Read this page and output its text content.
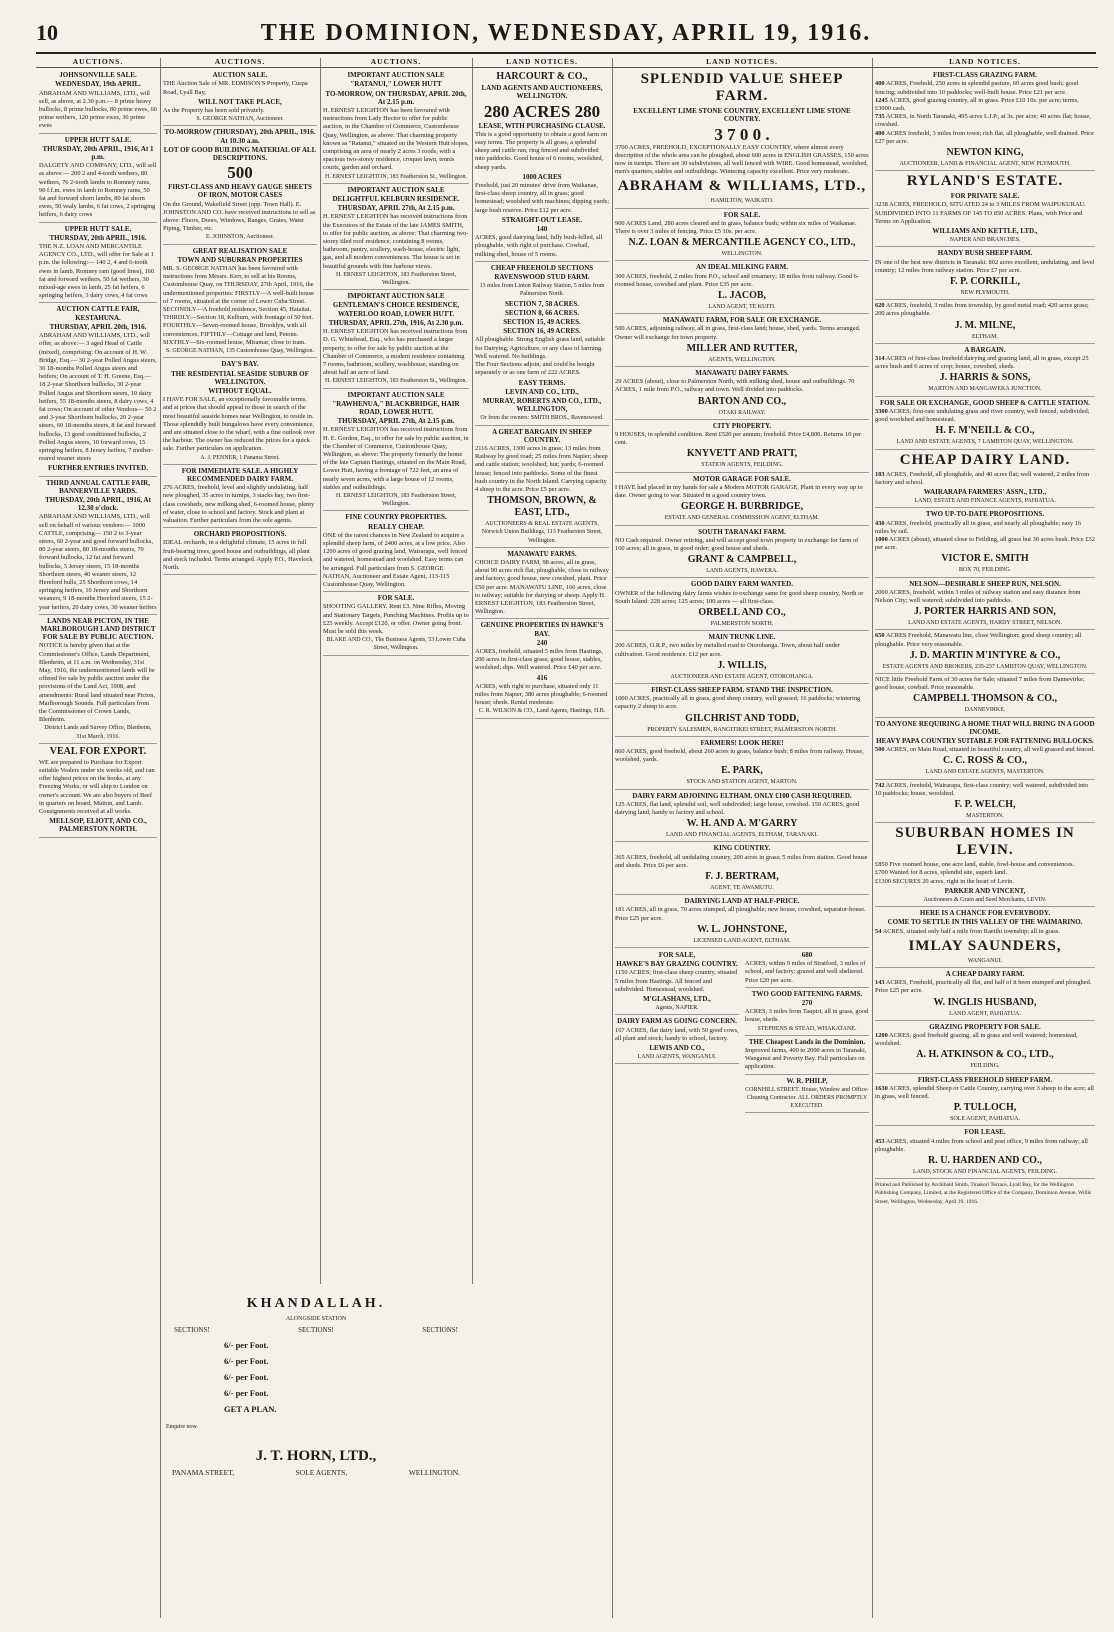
10	THE DOMINION, WEDNESDAY, APRIL 19, 1916.
AUCTIONS.
JOHNSONVILLE SALE.
WEDNESDAY, 19th APRIL.

ABRAHAM AND WILLIAMS, LTD., will sell, as above, at 2.30 p.m.— 8 prime heavy bullocks, 8 prime bullocks, 80 prime ewes, 60 prime wethers, 120 prime ewes, 30 prime ewes

UPPER HUTT SALE.
THURSDAY, 20th APRIL, 1916, At 1 p.m.

DALGETY AND COMPANY, LTD., will sell as above:— 200 2 and 4-tooth wethers, 80 wethers, 76 2-tooth lambs to Romney rams, 90 f.f.m. ewes in lamb to Romney rams, 50 fat and forward shorn lambs, 80 fat shorn ewes, 50 vealy lambs, 6 fat cows, 2 springing heifers, 6 dairy cows

UPPER HUTT SALE.
THURSDAY, 20th APRIL, 1916.

THE N.Z. LOAN AND MERCANTILE AGENCY CO., LTD., will offer for Sale at 1 p.m. the following:— 140 2, 4 and 6-tooth ewes in lamb, Romney ram (good lines), 160 fat and forward wethers, 50 fat wethers, 30 mixed-age ewes in lamb, 25 fat heifers, 6 springing heifers, 3 dairy cows, 4 fat cows

AUCTION CATTLE FAIR, KESTAHUNA.
THURSDAY, APRIL 20th, 1916.

ABRAHAM AND WILLIAMS, LTD., will offer, as above:— 3 aged Head of Cattle (mixed), comprising: On account of H. W. Bridge, Esq.— 30 2-year Polled Angus steers, 36 18-months Polled Angus steers and heifers; On account of T. H. Greene, Esq.— 18 2-year Shorthorn bullocks, 30 2-year Polled Angus and Shorthorn steers, 10 dairy heifers, 55 18-months steers, 8 dairy cows, 4 fat cows; On account of other Vendors— 50 2 and 3-year Shorthorn bullocks, 20 2-year steers, 60 18-months steers, 8 fat and forward bullocks, 13 good conditioned bullocks, 2 Polled Angus steers, 10 forward cows, 15 springing heifers, 8 Jersey heifers, 7 mother-reared weaner steers

FURTHER ENTRIES INVITED.
THIRD ANNUAL CATTLE FAIR, BANNERVILLE YARDS.
THURSDAY, 20th APRIL, 1916, At 12.30 o'clock.

ABRAHAM AND WILLIAMS, LTD., will sell on behalf of various vendors:— 1000 CATTLE, comprising— 150 2 to 3-year steers, 60 2-year and good forward bullocks, 80 2-year steers, 80 18-months steers, 70 forward bullocks, 12 fat and forward bullocks, 5 Jersey steers, 15 18-months Shorthorn steers, 40 weaner steers, 12 Hereford bulls, 25 Shorthorn cows, 14 springing heifers, 10 Jersey and Shorthorn weaners, 9 18-months Hereford steers, 15 2-year heifers, 20 dairy cows, 30 weaner heifers

LANDS NEAR PICTON, IN THE MARLBOROUGH LAND DISTRICT FOR SALE BY PUBLIC AUCTION.

NOTICE is hereby given that at the Commissioner's Office, Lands Department, Blenheim, at 11 a.m. on Wednesday, 31st May, 1916, the undermentioned lands will be offered for sale by public auction under the provisions of the Land Act, 1908, and amendments: Rural land situated near Picton, Marlborough Sounds. Full particulars from the Commissioner of Crown Lands, Blenheim.

District Lands and Survey Office, Blenheim, 31st March, 1916.

VEAL FOR EXPORT.

WE are prepared to Purchase for Export suitable Vealers under six weeks old, and can offer highest prices on the hooks, at any Freezing Works, or will ship to London on owner's account. We are also buyers of Beef in quarters on board, Mutton, and Lamb. Consignments received at all works.

MELLSOP, ELIOTT, AND CO., PALMERSTON NORTH.
AUCTIONS.
AUCTION SALE.

THE Auction Sale of MR. EDMISON'S Property, Cuspa Road, Lyall Bay,

WILL NOT TAKE PLACE,

As the Property has been sold privately.

S. GEORGE NATHAN, Auctioneer.

TO-MORROW (THURSDAY), 20th APRIL, 1916. At 10.30 a.m.
LOT OF GOOD BUILDING MATERIAL OF ALL DESCRIPTIONS.
500
FIRST-CLASS AND HEAVY GAUGE SHEETS OF IRON, MOTOR CASES

On the Ground, Wakefield Street (opp. Town Hall). E. JOHNSTON AND CO. have received instructions to sell as above: Floors, Doors, Windows, Ranges, Grates, Water Piping, Timber, etc.

E. JOHNSTON, Auctioneer.

GREAT REALISATION SALE
TOWN AND SUBURBAN PROPERTIES

MR. S. GEORGE NATHAN has been favoured with instructions from Messrs. Kerr, to sell at his Rooms, Customhouse Quay, on THURSDAY, 27th April, 1916, the undermentioned properties: FIRSTLY—A well-built house of 7 rooms, situated at the corner of Lower Cuba Street. SECONDLY—A freehold residence, Section 45, Hataitai. THIRDLY—Section 18, Kelburn, with frontage of 50 feet. FOURTHLY—Seven-roomed house, Brooklyn, with all conveniences. FIFTHLY—Cottage and land, Petone. SIXTHLY—Six-roomed house, Miramar, close to tram.

S. GEORGE NATHAN, 135 Customhouse Quay, Wellington.

DAY'S BAY.
THE RESIDENTIAL SEASIDE SUBURB OF WELLINGTON.
WITHOUT EQUAL.

I HAVE FOR SALE, an exceptionally favourable terms, and at prices that should appeal to those in search of the most beautiful seaside homes near Wellington, to reside in. Those splendidly built bungalows have every convenience, and are situated close to the wharf, with a fine outlook over the harbour. The owner has reduced the prices for a quick sale. Further particulars on application.

A. J. PENNER, 1 Panama Street.

FOR IMMEDIATE SALE. A HIGHLY RECOMMENDED DAIRY FARM.

276 ACRES, freehold, level and slightly undulating, half new ploughed, 35 acres in turnips, 3 stacks hay, two first-class cowsheds, new milking shed, 6-roomed house, plenty of water, close to school and factory. Stock and plant at valuation. Further particulars from the sole agents.

ORCHARD PROPOSITIONS.

IDEAL orchards, in a delightful climate, 15 acres in full fruit-bearing trees, good house and outbuildings, all plant and stock included. Terms arranged. Apply P.O., Havelock North.

AUCTIONS.
IMPORTANT AUCTION SALE
"RATANUI," LOWER HUTT
TO-MORROW, ON THURSDAY, APRIL 20th, At 2.15 p.m.

H. ERNEST LEIGHTON has been favoured with instructions from Lady Hector to offer for public auction, in the Chamber of Commerce, Customhouse Quay, Wellington, as above: That charming property known as "Ratanui," situated on the Western Hutt slopes, comprising an area of nearly 2 acres 3 roods, with a spacious two-storey residence, croquet lawn, tennis courts, garden and orchard.

H. ERNEST LEIGHTON, 183 Featherston St., Wellington.

IMPORTANT AUCTION SALE
DELIGHTFUL KELBURN RESIDENCE.
THURSDAY, APRIL 27th, At 2.15 p.m.

H. ERNEST LEIGHTON has received instructions from the Executors of the Estate of the late JAMES SMITH, to offer for public auction, as above: That charming two-storey tiled roof residence, containing 8 rooms, bathroom, pantry, scullery, wash-house, electric light, gas, and all modern conveniences. The house is set in beautiful grounds with fine harbour views.

H. ERNEST LEIGHTON, 183 Featherston Street, Wellington.

IMPORTANT AUCTION SALE
GENTLEMAN'S CHOICE RESIDENCE, WATERLOO ROAD, LOWER HUTT.
THURSDAY, APRIL 27th, 1916, At 2.30 p.m.

H. ERNEST LEIGHTON has received instructions from D. G. Whitehead, Esq., who has purchased a larger property, to offer for sale by public auction at the Chamber of Commerce, a modern residence containing 7 rooms, bathroom, scullery, washhouse, standing on about half an acre of land.

H. ERNEST LEIGHTON, 183 Featherston St., Wellington.

IMPORTANT AUCTION SALE
"RAWHENUA," BLACKBRIDGE, HAIR ROAD, LOWER HUTT.
THURSDAY, APRIL 27th, At 2.15 p.m.

H. ERNEST LEIGHTON has received instructions from H. E. Gordon, Esq., to offer for sale by public auction, in the Chamber of Commerce, Customhouse Quay, Wellington, as above: The property formerly the home of the late Captain Hastings, situated on the Main Road, Lower Hutt, having a frontage of 722 feet, an area of nearly seven acres, with a large house of 12 rooms, stables and outbuildings.

H. ERNEST LEIGHTON, 183 Featherston Street, Wellington.

FINE COUNTRY PROPERTIES.
REALLY CHEAP.

ONE of the rarest chances in New Zealand to acquire a splendid sheep farm, of 2400 acres, at a low price. Also 1200 acres of good grazing land, Wairarapa, well fenced and watered, homestead and woolshed. Easy terms can be arranged. Full particulars from S. GEORGE NATHAN, Auctioneer and Estate Agent, 113-115 Customhouse Quay, Wellington.

FOR SALE.

SHOOTING GALLERY. Rent £3. Nine Rifles, Moving and Stationary Targets, Punching Machines. Profits up to £25 weekly. Accept £120, or offer. Owner going front. Must be sold this week.

BLAKE AND CO., The Business Agents, 53 Lower Cuba Street, Wellington.

KHANDALLAH.
ALONGSIDE STATION
SECTIONS!	SECTIONS!	SECTIONS!
6/- per Foot.
6/- per Foot.
6/- per Foot.
6/- per Foot.
GET A PLAN.
Enquire now.
J. T. HORN, LTD.,
PANAMA STREET,	SOLE AGENTS,	WELLINGTON.
LAND NOTICES.
HARCOURT & CO.,
LAND AGENTS AND AUCTIONEERS, WELLINGTON.
280 ACRES 280
LEASE, WITH PURCHASING CLAUSE.

This is a good opportunity to obtain a good farm on easy terms. The property is all grass, a splendid sheep and cattle run, ring fenced and subdivided into paddocks. Good house of 6 rooms, woolshed, sheep yards.

1000 ACRES

Freehold, just 20 minutes' drive from Waikanae, first-class sheep country, all in grass; good homestead; woolshed with machines; dipping yards; large bush reserve. Price £12 per acre.

STRAIGHT-OUT LEASE.
140

ACRES, good dairying land, fully bush-felled, all ploughable, with right of purchase. Cowbail, milking shed, house of 5 rooms.

CHEAP FREEHOLD SECTIONS
RAVENSWOOD STUD FARM.

13 miles from Linton Railway Station, 5 miles from Palmerston North.

SECTION 7, 58 ACRES.
SECTION 8, 66 ACRES.
SECTION 15, 49 ACRES.
SECTION 16, 49 ACRES.

All ploughable. Strong English grass land, suitable for Dairying, Agriculture, or any class of farming. Well watered. No buildings.

The Four Sections adjoin, and could be bought separately or as one farm of 222 ACRES.

EASY TERMS.
LEVIN AND CO., LTD.,
MURRAY, ROBERTS AND CO., LTD., WELLINGTON,

Or from the owners: SMITH BROS., Ravenswood.

A GREAT BARGAIN IN SHEEP COUNTRY.

2116 ACRES, 1300 acres in grass; 13 miles from Railway by good road; 25 miles from Napier; sheep and cattle station; woolshed; hut; yards; 6-roomed house; fenced into paddocks. Some of the finest bush country in the North Island. Carrying capacity 4 sheep to the acre. Price £5 per acre.

THOMSON, BROWN, & EAST, LTD.,

AUCTIONEERS & REAL ESTATE AGENTS, Norwich Union Buildings, 113 Featherston Street, Wellington.

MANAWATU FARMS.

CHOICE DAIRY FARM, 98 acres, all in grass, about 90 acres rich flat, ploughable, close to railway and factory; good house, new cowshed, plant. Price £50 per acre. MANAWATU LINE, 160 acres, close to railway; suitable for dairying or sheep. Apply H. ERNEST LEIGHTON, 183 Featherston Street, Wellington.

GENUINE PROPERTIES IN HAWKE'S BAY.
240

ACRES, freehold, situated 5 miles from Hastings, 200 acres in first-class grass; good house, stables, woolshed; dips. Well watered. Price £40 per acre.

416

ACRES, with right to purchase, situated only 11 miles from Napier, 380 acres ploughable; 6-roomed house; sheds. Rental moderate.

C. R. WILSON & CO., Land Agents, Hastings, H.B.

LAND NOTICES.
SPLENDID VALUE SHEEP FARM.
EXCELLENT LIME STONE COUNTRY, EXCELLENT LIME STONE COUNTRY.
3 7 0 0 .

3700 ACRES, FREEHOLD, EXCEPTIONALLY EASY COUNTRY, where almost every description of the whole area can be ploughed, about 600 acres in ENGLISH GRASSES, 150 acres now in turnips. There are 30 subdivisions, all well fenced with WIRE. Good homestead, woolshed, men's quarters, stables and outbuildings. Wintering capacity excellent. Price very moderate.

ABRAHAM & WILLIAMS, LTD.,
HAMILTON, WAIKATO.
FOR SALE.

900 ACRES Land, 280 acres cleared and in grass, balance bush; within six miles of Waikanae. There is over 3 miles of fencing. Price £5 10s. per acre.

N.Z. LOAN & MERCANTILE AGENCY CO., LTD.,
WELLINGTON.
AN IDEAL MILKING FARM.

300 ACRES, freehold, 2 miles from P.O., school and creamery; 18 miles from railway. Good 6-roomed house, cowshed and plant. Price £35 per acre.

L. JACOB,
LAND AGENT, TE KUITI.
MANAWATU FARM, FOR SALE OR EXCHANGE.

500 ACRES, adjoining railway, all in grass, first-class land; house, shed, yards. Terms arranged. Owner will exchange for town property.

MILLER AND RUTTER,
AGENTS, WELLINGTON.
MANAWATU DAIRY FARMS.

29 ACRES (about), close to Palmerston North, with milking shed, house and outbuildings. 70 ACRES, 1 mile from P.O., railway and town. Well divided into paddocks.

BARTON AND CO.,
OTAKI RAILWAY.
CITY PROPERTY.

9 HOUSES, in splendid condition. Rent £520 per annum; freehold. Price £4,800. Returns 10 per cent.

KNYVETT AND PRATT,
STATION AGENTS, FEILDING.
MOTOR GARAGE FOR SALE.

I HAVE had placed in my hands for sale a Modern MOTOR GARAGE, Plant in every way up to date. Owner going to war. Situated in a good country town.

GEORGE H. BURBRIDGE,
ESTATE AND GENERAL COMMISSION AGENT, ELTHAM.
SOUTH TARANAKI FARM.

NO Cash required. Owner retiring, and will accept good town property in exchange for farm of 160 acres; all in grass, in good order; good house and sheds.

GRANT & CAMPBELL,
LAND AGENTS, HAWERA.
GOOD DAIRY FARM WANTED.

OWNER of the following dairy farms wishes to exchange same for good sheep country, North or South Island: 228 acres; 125 acres; 100 acres — all first-class.

ORBELL AND CO.,
PALMERSTON NORTH.
MAIN TRUNK LINE.

200 ACRES, O.R.P., two miles by metalled road to Otorohanga. Town, about half under cultivation. Good residence. £12 per acre.

J. WILLIS,
AUCTIONEER AND ESTATE AGENT, OTOROHANGA.
FIRST-CLASS SHEEP FARM. STAND THE INSPECTION.

1000 ACRES, practically all in grass, good sheep country, well grassed; 16 paddocks; wintering capacity 2 sheep to acre.

GILCHRIST AND TODD,
PROPERTY SALESMEN, RANGITIKEI STREET, PALMERSTON NORTH.
FARMERS! LOOK HERE!

860 ACRES, good freehold, about 260 acres in grass, balance bush; 8 miles from railway. House, woolshed, yards.

E. PARK,
STOCK AND STATION AGENT, MARTON.
DAIRY FARM ADJOINING ELTHAM. ONLY £100 CASH REQUIRED.

125 ACRES, flat land, splendid soil, well subdivided; large house, cowshed. 150 ACRES, good dairying land, handy to factory and school.

W. H. AND A. M'GARRY
LAND AND FINANCIAL AGENTS, ELTHAM, TARANAKI.
KING COUNTRY.

365 ACRES, freehold, all undulating country, 200 acres in grass; 5 miles from station. Good house and sheds. Price £6 per acre.

F. J. BERTRAM,
AGENT, TE AWAMUTU.
DAIRYING LAND AT HALF-PRICE.

181 ACRES, all in grass, 70 acres stumped, all ploughable; new house, cowshed, separator-house. Price £25 per acre.

W. L. JOHNSTONE,
LICENSED LAND AGENT, ELTHAM.
FOR SALE,
HAWKE'S BAY GRAZING COUNTRY.

1150 ACRES, first-class sheep country, situated 5 miles from Hastings. All fenced and subdivided. Homestead, woolshed.

M'GLASHANS, LTD.,
Agents, NAPIER.
DAIRY FARM AS GOING CONCERN.

167 ACRES, flat dairy land, with 50 good cows, all plant and stock; handy to school, factory.

LEWIS AND CO.,
LAND AGENTS, WANGANUI.
680

ACRES, within 9 miles of Stratford, 3 miles of school, and factory; grazed and well sheltered. Price £20 per acre.

TWO GOOD FATTENING FARMS.
270

ACRES, 3 miles from Taupiri, all in grass, good house, sheds.

STEPHENS & STEAD, WHAKATANE.
THE Cheapest Lands in the Dominion.

Improved farms, 400 to 2000 acres in Taranaki, Wanganui and Poverty Bay. Full particulars on application.

W. R. PHILP,

CORNHILL STREET. House, Window and Office-Cleaning Contractor. ALL ORDERS PROMPTLY EXECUTED.

LAND NOTICES.
FIRST-CLASS GRAZING FARM.

400 ACRES, Freehold, 250 acres in splendid pasture, 60 acres good bush; good fencing; subdivided into 10 paddocks; well-built house. Price £21 per acre.

1245 ACRES, good grazing country, all in grass. Price £10 10s. per acre; terms, £3000 cash.

735 ACRES, in North Taranaki, 495 acres L.I.P., at 3s. per acre; 40 acres flat; house, cowshed.

400 ACRES freehold, 3 miles from town; rich flat, all ploughable, well drained. Price £27 per acre.

NEWTON KING,
AUCTIONEER, LAND & FINANCIAL AGENT, NEW PLYMOUTH.
RYLAND'S ESTATE.
FOR PRIVATE SALE.

3238 ACRES, FREEHOLD, SITUATED 24 to 3 MILES FROM WAIPUKURAU. SUBDIVIDED INTO 11 FARMS OF 145 TO 850 ACRES. Plans, with Price and Terms on Application.

WILLIAMS AND KETTLE, LTD.,
NAPIER AND BRANCHES.
HANDY BUSH SHEEP FARM.

IN one of the best new districts in Taranaki: 802 acres excellent, undulating, and level country; 12 miles from railway station. Price £7 per acre.

F. P. CORKILL,
NEW PLYMOUTH.

620 ACRES, freehold, 3 miles from township, by good metal road; 420 acres grass; 200 acres ploughable.

J. M. MILNE,
ELTHAM.
A BARGAIN.

314 ACRES of first-class freehold dairying and grazing land, all in grass, except 25 acres bush and 6 acres of crop; house, cowshed, sheds.

J. HARRIS & SONS,
MARTON AND MANGAWEKA JUNCTION.
FOR SALE OR EXCHANGE, GOOD SHEEP & CATTLE STATION.

3300 ACRES, first-rate undulating grass and river country, well fenced, subdivided; good woolshed and homestead.

H. F. M'NEILL & CO.,
LAND AND ESTATE AGENTS, 7 LAMBTON QUAY, WELLINGTON.
CHEAP DAIRY LAND.

103 ACRES, Freehold, all ploughable, and 40 acres flat; well watered, 2 miles from factory and school.

WAIRARAPA FARMERS' ASSN., LTD.,
LAND, ESTATE AND FINANCE AGENTS, PAHIATUA.
TWO UP-TO-DATE PROPOSITIONS.

430 ACRES, freehold, practically all in grass, and nearly all ploughable; easy 16 miles by rail.

1000 ACRES (about), situated close to Feilding, all grass but 30 acres bush. Price £32 per acre.

VICTOR E. SMITH
BOX 70, FEILDING.
NELSON—DESIRABLE SHEEP RUN, NELSON.

2000 ACRES, freehold, within 3 miles of railway station and easy distance from Nelson City; well watered; subdivided into paddocks.

J. PORTER HARRIS AND SON,
LAND AND ESTATE AGENTS, HARDY STREET, NELSON.

650 ACRES Freehold, Manawatu line, close Wellington; good sheep country; all ploughable. Price very reasonable.

J. D. MARTIN M'INTYRE & CO.,
ESTATE AGENTS AND BROKERS, 235-237 LAMBTON QUAY, WELLINGTON.

NICE little Freehold Farm of 30 acres for Sale; situated 7 miles from Dannevirke; good house, cowbail. Price reasonable.

CAMPBELL THOMSON & CO.,
DANNEVIRKE.
TO ANYONE REQUIRING A HOME THAT WILL BRING IN A GOOD INCOME.
HEAVY PAPA COUNTRY SUITABLE FOR FATTENING BULLOCKS.

500 ACRES, on Main Road, situated in beautiful country, all well grassed and fenced.

C. C. ROSS & CO.,
LAND AND ESTATE AGENTS, MASTERTON.

742 ACRES, freehold, Wairarapa, first-class country; well watered, subdivided into 10 paddocks; house, woolshed.

F. P. WELCH,
MASTERTON.
SUBURBAN HOMES IN LEVIN.

£850 Five roomed house, one acre land, stable, fowl-house and conveniences.

£700 Wanted for 8 acres, splendid site, superb land.

£1300 SECURES 20 acres, right in the heart of Levin.

PARKER AND VINCENT,
Auctioneers & Grain and Seed Merchants, LEVIN.
HERE IS A CHANCE FOR EVERYBODY.
COME TO SETTLE IN THIS VALLEY OF THE WAIMARINO.

54 ACRES, situated only half a mile from Raetihi township; all in grass.

IMLAY SAUNDERS,
WANGANUI.
A CHEAP DAIRY FARM.

143 ACRES, Freehold, practically all flat, and half of it been stumped and ploughed. Price £25 per acre.

W. INGLIS HUSBAND,
LAND AGENT, PAHIATUA.
GRAZING PROPERTY FOR SALE.

1200 ACRES, good freehold grazing, all in grass and well watered; homestead, woolshed.

A. H. ATKINSON & CO., LTD.,
FEILDING.
FIRST-CLASS FREEHOLD SHEEP FARM.

1630 ACRES, splendid Sheep or Cattle Country, carrying over 3 sheep to the acre; all in grass, well fenced.

P. TULLOCH,
SOLE AGENT, PAHIATUA.
FOR LEASE.

453 ACRES, situated 4 miles from school and post office, 9 miles from railway; all ploughable.

R. U. HARDEN AND CO.,
LAND, STOCK AND FINANCIAL AGENTS, FEILDING.

Printed and Published by Archibald Smith, Tinakori Terrace, Lyall Bay, for the Wellington Publishing Company, Limited, at the Registered Office of the Company, Dominion Avenue, Willis Street, Wellington, Wednesday, April 19, 1916.
